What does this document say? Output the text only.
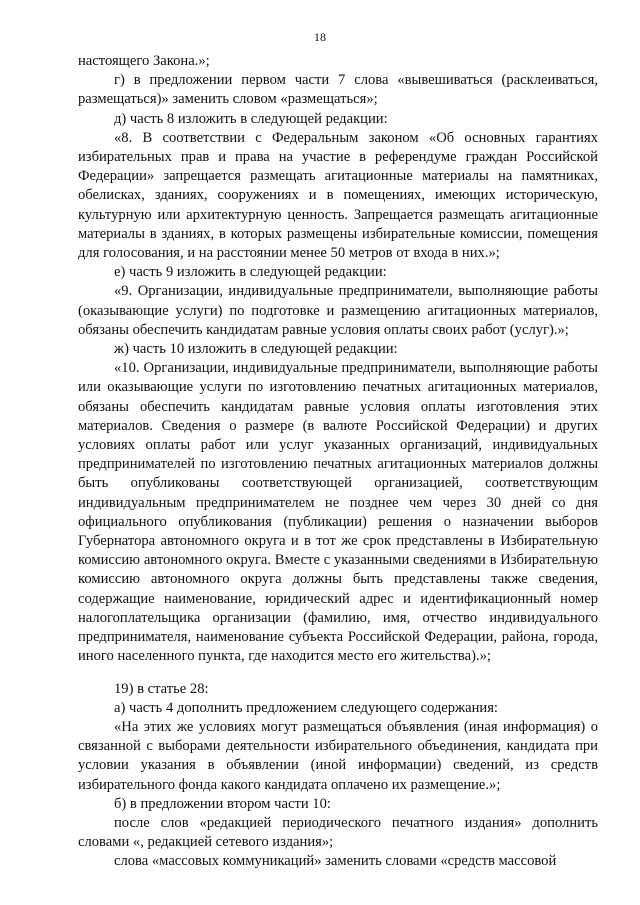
18

настоящего Закона.»;

г) в предложении первом части 7 слова «вывешиваться (расклеиваться, размещаться)» заменить словом «размещаться»;

д) часть 8 изложить в следующей редакции:

«8. В соответствии с Федеральным законом «Об основных гарантиях избирательных прав и права на участие в референдуме граждан Российской Федерации» запрещается размещать агитационные материалы на памятниках, обелисках, зданиях, сооружениях и в помещениях, имеющих историческую, культурную или архитектурную ценность. Запрещается размещать агитационные материалы в зданиях, в которых размещены избирательные комиссии, помещения для голосования, и на расстоянии менее 50 метров от входа в них.»;

е) часть 9 изложить в следующей редакции:

«9. Организации, индивидуальные предприниматели, выполняющие работы (оказывающие услуги) по подготовке и размещению агитационных материалов, обязаны обеспечить кандидатам равные условия оплаты своих работ (услуг).»;

ж) часть 10 изложить в следующей редакции:

«10. Организации, индивидуальные предприниматели, выполняющие работы или оказывающие услуги по изготовлению печатных агитационных материалов, обязаны обеспечить кандидатам равные условия оплаты изготовления этих материалов. Сведения о размере (в валюте Российской Федерации) и других условиях оплаты работ или услуг указанных организаций, индивидуальных предпринимателей по изготовлению печатных агитационных материалов должны быть опубликованы соответствующей организацией, соответствующим индивидуальным предпринимателем не позднее чем через 30 дней со дня официального опубликования (публикации) решения о назначении выборов Губернатора автономного округа и в тот же срок представлены в Избирательную комиссию автономного округа. Вместе с указанными сведениями в Избирательную комиссию автономного округа должны быть представлены также сведения, содержащие наименование, юридический адрес и идентификационный номер налогоплательщика организации (фамилию, имя, отчество индивидуального предпринимателя, наименование субъекта Российской Федерации, района, города, иного населенного пункта, где находится место его жительства).»;

19) в статье 28:

а) часть 4 дополнить предложением следующего содержания:

«На этих же условиях могут размещаться объявления (иная информация) о связанной с выборами деятельности избирательного объединения, кандидата при условии указания в объявлении (иной информации) сведений, из средств избирательного фонда какого кандидата оплачено их размещение.»;

б) в предложении втором части 10:

после слов «редакцией периодического печатного издания» дополнить словами «, редакцией сетевого издания»;

слова «массовых коммуникаций» заменить словами «средств массовой
